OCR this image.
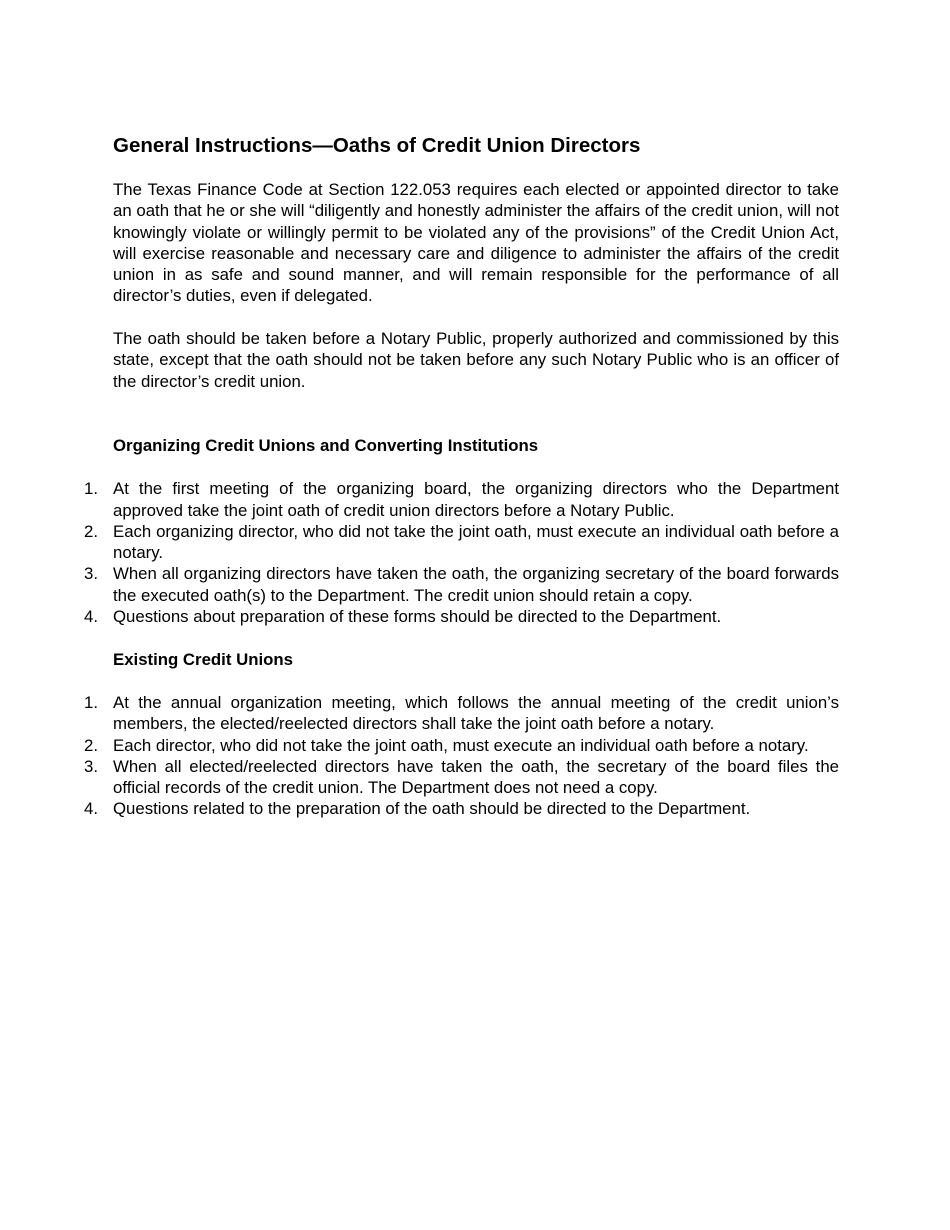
General Instructions—Oaths of Credit Union Directors

The Texas Finance Code at Section 122.053 requires each elected or appointed director to take an oath that he or she will “diligently and honestly administer the affairs of the credit union, will not knowingly violate or willingly permit to be violated any of the provisions” of the Credit Union Act, will exercise reasonable and necessary care and diligence to administer the affairs of the credit union in as safe and sound manner, and will remain responsible for the performance of all director’s duties, even if delegated.

The oath should be taken before a Notary Public, properly authorized and commissioned by this state, except that the oath should not be taken before any such Notary Public who is an officer of the director’s credit union.

Organizing Credit Unions and Converting Institutions
1. At the first meeting of the organizing board, the organizing directors who the Department approved take the joint oath of credit union directors before a Notary Public.
2. Each organizing director, who did not take the joint oath, must execute an individual oath before a notary.
3. When all organizing directors have taken the oath, the organizing secretary of the board forwards the executed oath(s) to the Department. The credit union should retain a copy.
4. Questions about preparation of these forms should be directed to the Department.
Existing Credit Unions
1. At the annual organization meeting, which follows the annual meeting of the credit union’s members, the elected/reelected directors shall take the joint oath before a notary.
2. Each director, who did not take the joint oath, must execute an individual oath before a notary.
3. When all elected/reelected directors have taken the oath, the secretary of the board files the official records of the credit union. The Department does not need a copy.
4. Questions related to the preparation of the oath should be directed to the Department.
